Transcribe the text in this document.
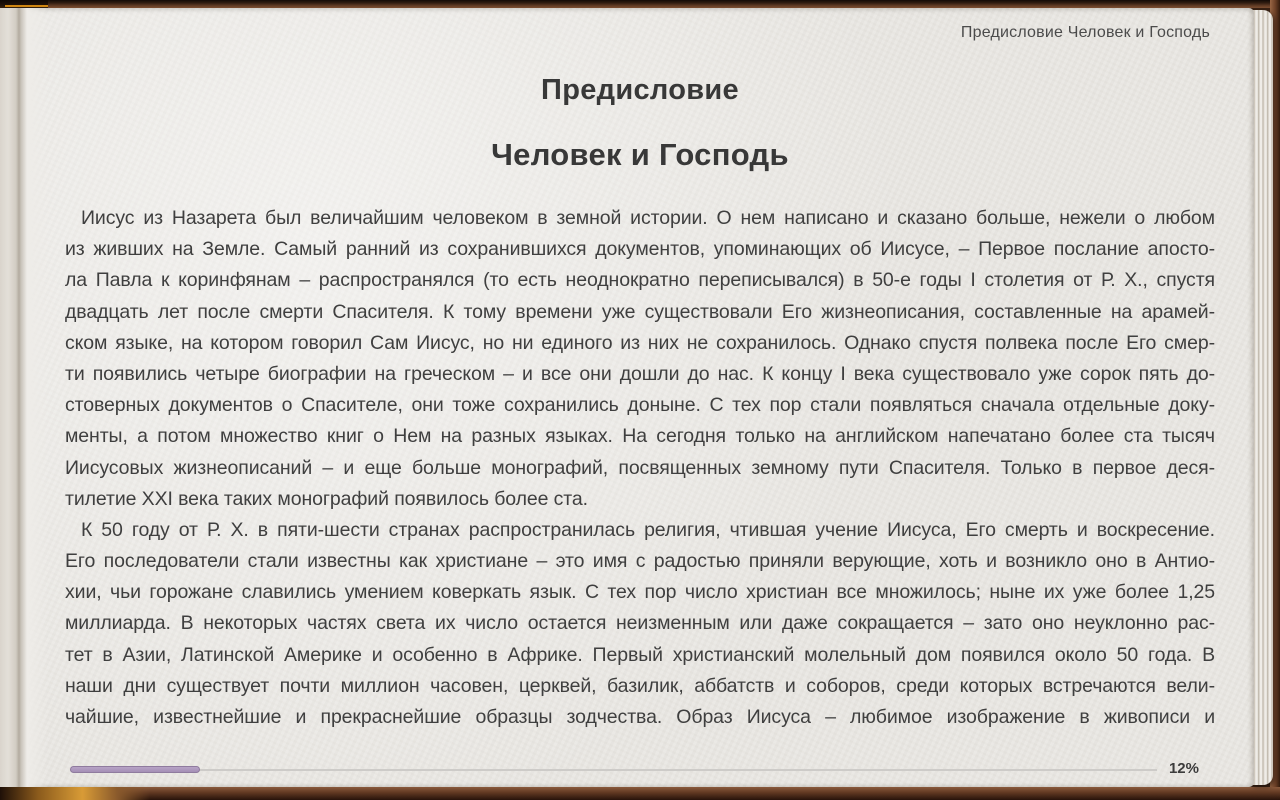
Предисловие Человек и Господь
Предисловие
Человек и Господь
Иисус из Назарета был величайшим человеком в земной истории. О нем написано и сказано больше, нежели о любом
из живших на Земле. Самый ранний из сохранившихся документов, упоминающих об Иисусе, – Первое послание апосто-
ла Павла к коринфянам – распространялся (то есть неоднократно переписывался) в 50-е годы I столетия от Р. Х., спустя
двадцать лет после смерти Спасителя. К тому времени уже существовали Его жизнеописания, составленные на арамей-
ском языке, на котором говорил Сам Иисус, но ни единого из них не сохранилось. Однако спустя полвека после Его смер-
ти появились четыре биографии на греческом – и все они дошли до нас. К концу I века существовало уже сорок пять до-
стоверных документов о Спасителе, они тоже сохранились доныне. С тех пор стали появляться сначала отдельные доку-
менты, а потом множество книг о Нем на разных языках. На сегодня только на английском напечатано более ста тысяч
Иисусовых жизнеописаний – и еще больше монографий, посвященных земному пути Спасителя. Только в первое деся-
тилетие XXI века таких монографий появилось более ста.
К 50 году от Р. Х. в пяти-шести странах распространилась религия, чтившая учение Иисуса, Его смерть и воскресение.
Его последователи стали известны как христиане – это имя с радостью приняли верующие, хоть и возникло оно в Антио-
хии, чьи горожане славились умением коверкать язык. С тех пор число христиан все множилось; ныне их уже более 1,25
миллиарда. В некоторых частях света их число остается неизменным или даже сокращается – зато оно неуклонно рас-
тет в Азии, Латинской Америке и особенно в Африке. Первый христианский молельный дом появился около 50 года. В
наши дни существует почти миллион часовен, церквей, базилик, аббатств и соборов, среди которых встречаются вели-
чайшие, известнейшие и прекраснейшие образцы зодчества. Образ Иисуса – любимое изображение в живописи и
12%
